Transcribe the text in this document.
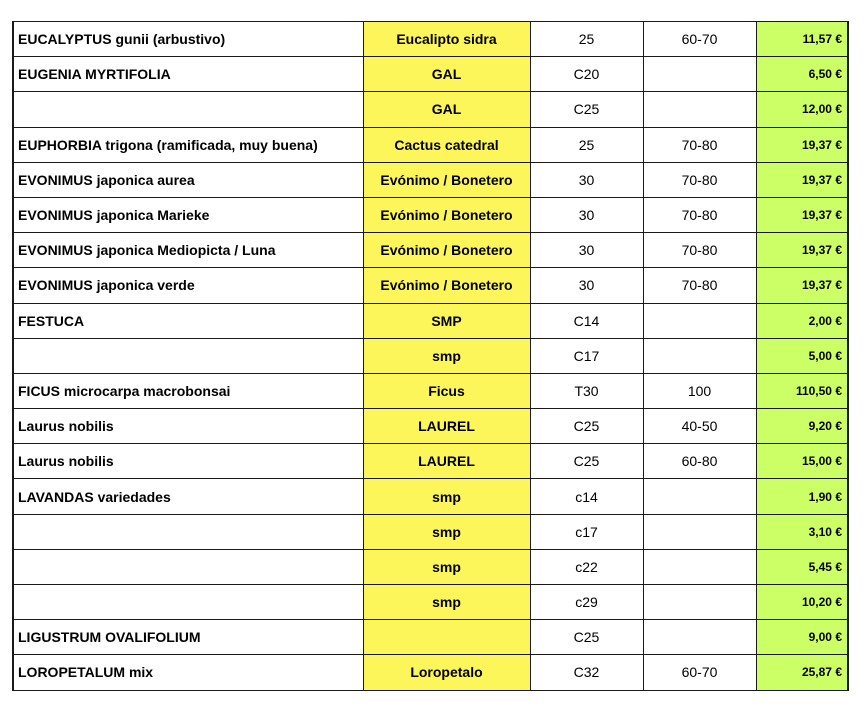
EUCALYPTUS gunii (arbustivo)	Eucalipto sidra	25	60-70	11,57 €
EUGENIA MYRTIFOLIA	GAL	C20		6,50 €
	GAL	C25		12,00 €
EUPHORBIA trigona (ramificada, muy buena)	Cactus catedral	25	70-80	19,37 €
EVONIMUS japonica aurea	Evónimo / Bonetero	30	70-80	19,37 €
EVONIMUS japonica Marieke	Evónimo / Bonetero	30	70-80	19,37 €
EVONIMUS japonica Mediopicta / Luna	Evónimo / Bonetero	30	70-80	19,37 €
EVONIMUS japonica verde	Evónimo / Bonetero	30	70-80	19,37 €
FESTUCA	SMP	C14		2,00 €
	smp	C17		5,00 €
FICUS microcarpa macrobonsai	Ficus	T30	100	110,50 €
Laurus nobilis	LAUREL	C25	40-50	9,20 €
Laurus nobilis	LAUREL	C25	60-80	15,00 €
LAVANDAS variedades	smp	c14		1,90 €
	smp	c17		3,10 €
	smp	c22		5,45 €
	smp	c29		10,20 €
LIGUSTRUM OVALIFOLIUM		C25		9,00 €
LOROPETALUM mix	Loropetalo	C32	60-70	25,87 €
